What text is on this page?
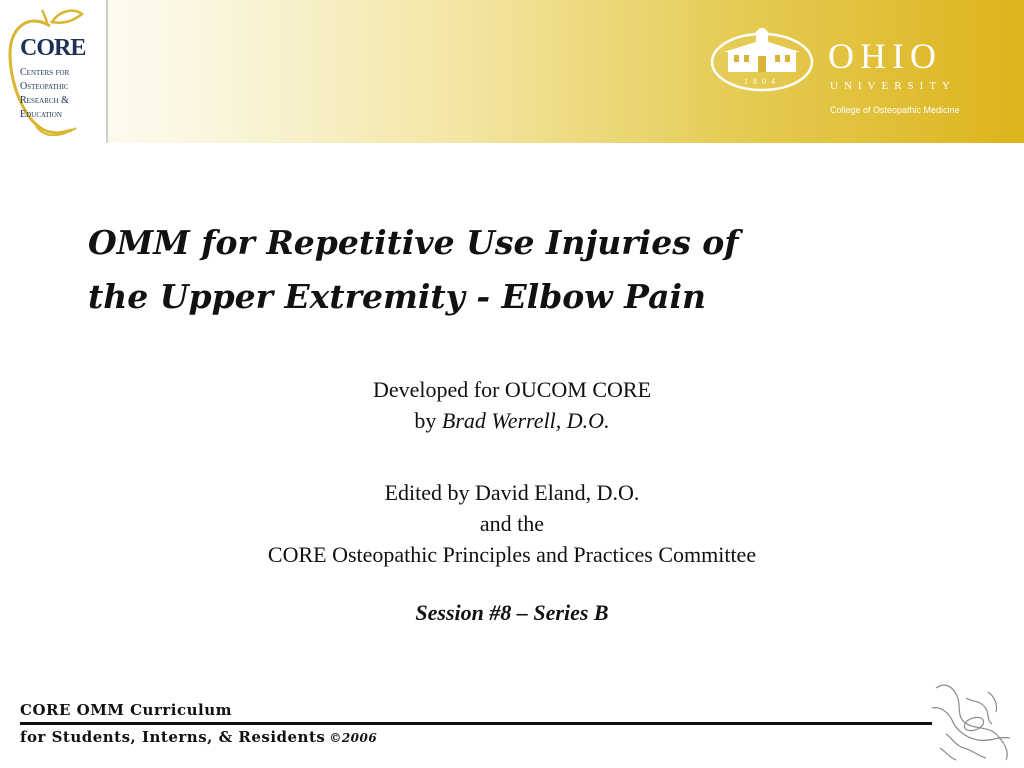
CORE
Centers for
Osteopathic
Research &
Education
1804
OHIO
UNIVERSITY
College of Osteopathic Medicine
OMM for Repetitive Use Injuries of
the Upper Extremity - Elbow Pain
Developed for OUCOM CORE
by Brad Werrell, D.O.
Edited by David Eland, D.O.
and the
CORE Osteopathic Principles and Practices Committee
Session #8 – Series B
CORE OMM Curriculum
for Students, Interns, & Residents ©2006
